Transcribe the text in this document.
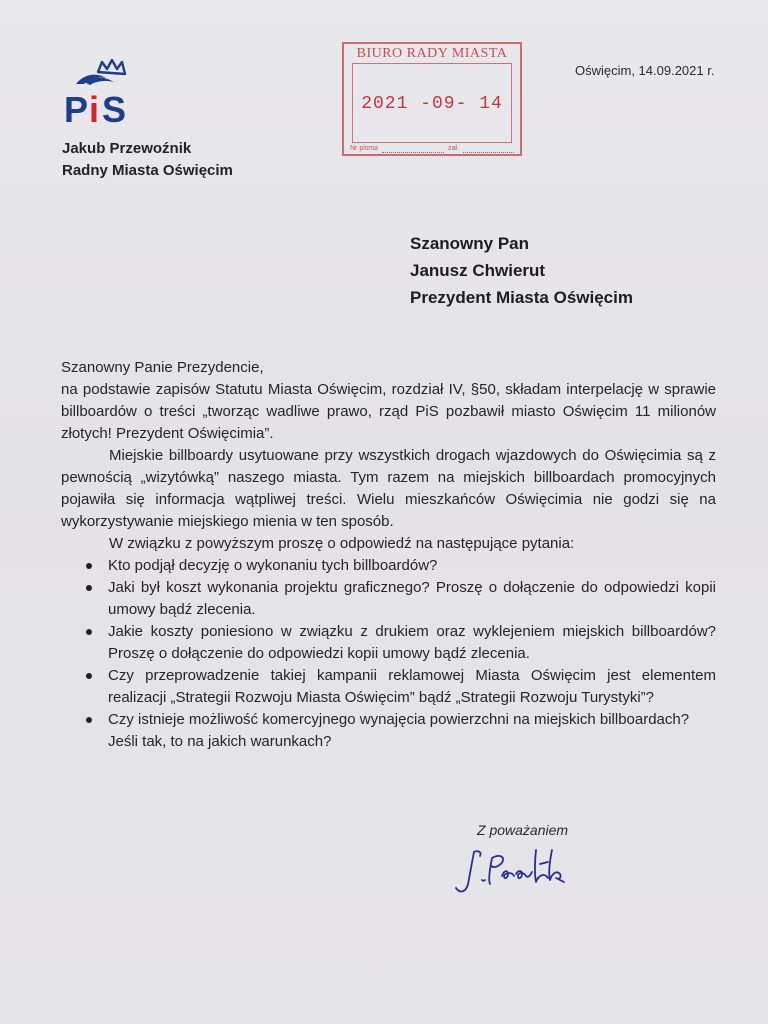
P i S
Jakub Przewoźnik
Radny Miasta Oświęcim
BIURO RADY MIASTA
2021 -09- 14
Nr pisma	zał.
Oświęcim, 14.09.2021 r.
Szanowny Pan
Janusz Chwierut
Prezydent Miasta Oświęcim

Szanowny Panie Prezydencie,

na podstawie zapisów Statutu Miasta Oświęcim, rozdział IV, §50, składam interpelację w sprawie billboardów o treści „tworząc wadliwe prawo, rząd PiS pozbawił miasto Oświęcim 11 milionów złotych! Prezydent Oświęcimia”.

Miejskie billboardy usytuowane przy wszystkich drogach wjazdowych do Oświęcimia są z pewnością „wizytówką” naszego miasta. Tym razem na miejskich billboardach promocyjnych pojawiła się informacja wątpliwej treści. Wielu mieszkańców Oświęcimia nie godzi się na wykorzystywanie miejskiego mienia w ten sposób.

W związku z powyższym proszę o odpowiedź na następujące pytania:

Kto podjął decyzję o wykonaniu tych billboardów?
Jaki był koszt wykonania projektu graficznego? Proszę o dołączenie do odpowiedzi kopii umowy bądź zlecenia.
Jakie koszty poniesiono w związku z drukiem oraz wyklejeniem miejskich billboardów? Proszę o dołączenie do odpowiedzi kopii umowy bądź zlecenia.
Czy przeprowadzenie takiej kampanii reklamowej Miasta Oświęcim jest elementem realizacji „Strategii Rozwoju Miasta Oświęcim” bądź „Strategii Rozwoju Turystyki”?
Czy istnieje możliwość komercyjnego wynajęcia powierzchni na miejskich billboardach? Jeśli tak, to na jakich warunkach?
Z poważaniem
